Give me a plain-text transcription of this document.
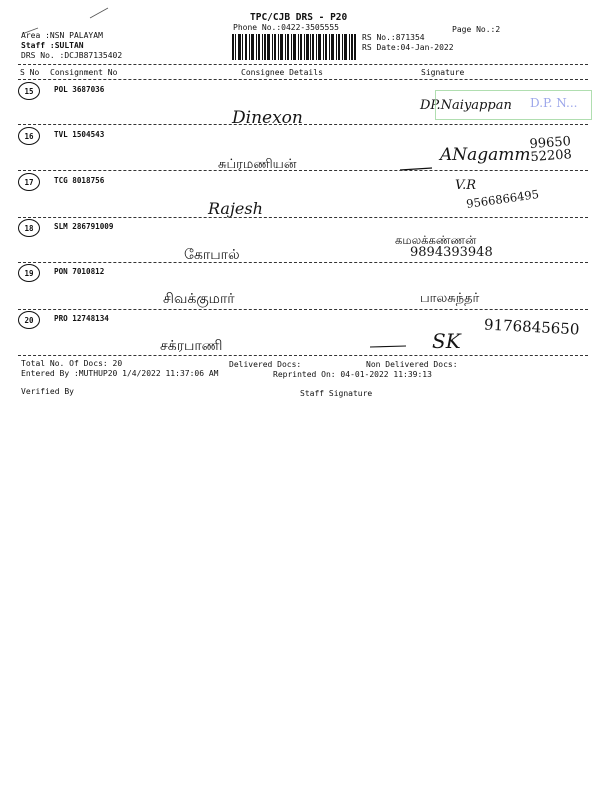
TPC/CJB DRS - P20
Phone No.:0422-3505555	Page No.:2
Area :NSN PALAYAM
Staff :SULTAN
DRS No. :DCJB87135402
RS No.:871354
RS Date:04-Jan-2022
S No Consignment No	Consignee Details	Signature
15	POL 3687036
Dinexon
DP.Naiyappan D.P. N...
16	TVL 1504543
சுப்ரமணியன்	ANagamm
99650 52208
17	TCG 8018756
Rajesh
V.R
9566866495
18	SLM 286791009
கோபால்
கமலக்கண்ணன்
9894393948
19	PON 7010812
சிவக்குமார்	பாலசுந்தர்
20	PRO 12748134
சக்ரபாணி	SK
9176845650
Total No. Of Docs: 20	Delivered Docs:	Non Delivered Docs:
Entered By :MUTHUP20 1/4/2022 11:37:06 AM	Reprinted On: 04-01-2022 11:39:13
Verified By	Staff Signature
